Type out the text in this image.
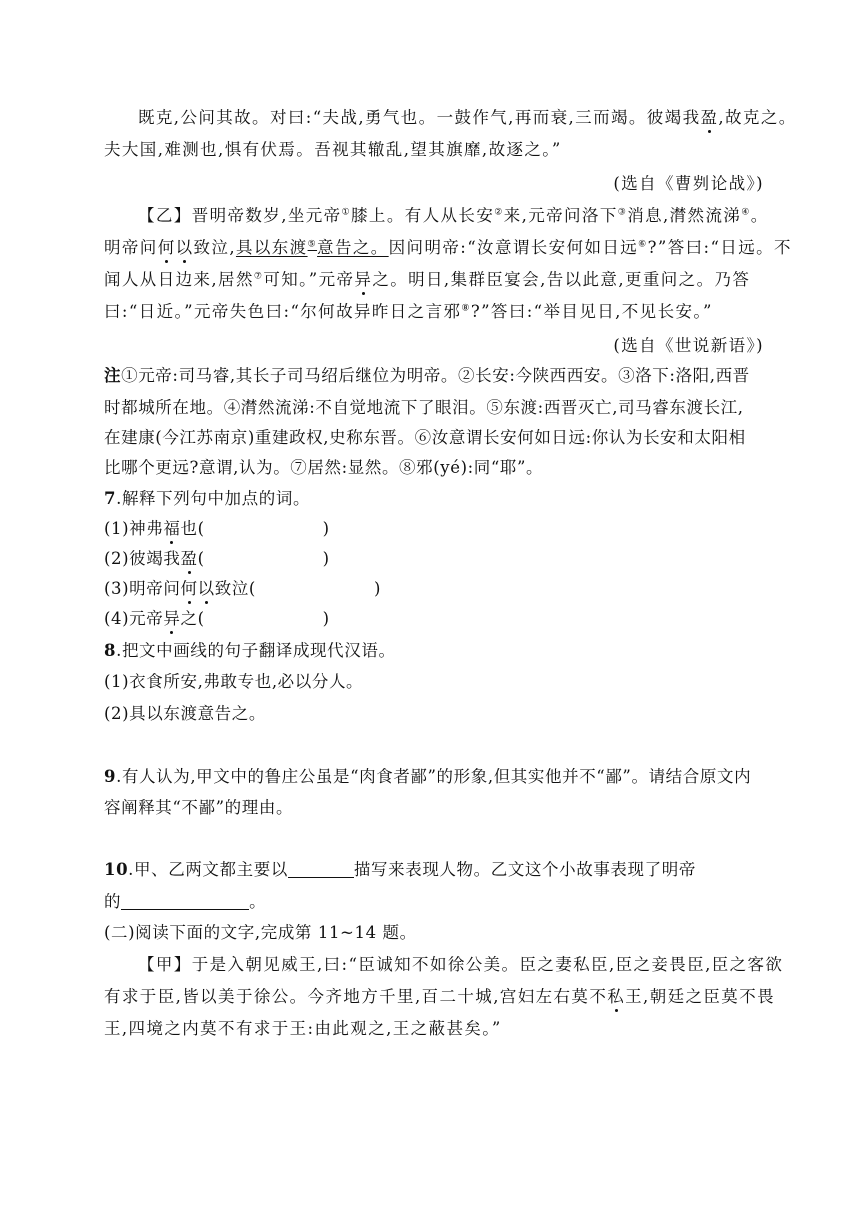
既克,公问其故。对曰:“夫战,勇气也。一鼓作气,再而衰,三而竭。彼竭我盈,故克之。
夫大国,难测也,惧有伏焉。吾视其辙乱,望其旗靡,故逐之。”
(选自《曹刿论战》)
【乙】晋明帝数岁,坐元帝①膝上。有人从长安②来,元帝问洛下③消息,潸然流涕④。
明帝问何以致泣,具以东渡⑤意告之。因问明帝:“汝意谓长安何如日远⑥?”答曰:“日远。不
闻人从日边来,居然⑦可知。”元帝异之。明日,集群臣宴会,告以此意,更重问之。乃答
曰:“日近。”元帝失色曰:“尔何故异昨日之言邪⑧?”答曰:“举目见日,不见长安。”
(选自《世说新语》)
注①元帝:司马睿,其长子司马绍后继位为明帝。②长安:今陕西西安。③洛下:洛阳,西晋
时都城所在地。④潸然流涕:不自觉地流下了眼泪。⑤东渡:西晋灭亡,司马睿东渡长江,
在建康(今江苏南京)重建政权,史称东晋。⑥汝意谓长安何如日远:你认为长安和太阳相
比哪个更远?意谓,认为。⑦居然:显然。⑧邪(yé):同“耶”。
7.解释下列句中加点的词。
(1)神弗福也(	)
(2)彼竭我盈(	)
(3)明帝问何以致泣(	)
(4)元帝异之(	)
8.把文中画线的句子翻译成现代汉语。
(1)衣食所安,弗敢专也,必以分人。
(2)具以东渡意告之。
9.有人认为,甲文中的鲁庄公虽是“肉食者鄙”的形象,但其实他并不“鄙”。请结合原文内
容阐释其“不鄙”的理由。
10.甲、乙两文都主要以	描写来表现人物。乙文这个小故事表现了明帝
的	。
(二)阅读下面的文字,完成第 11~14 题。
【甲】于是入朝见威王,曰:“臣诚知不如徐公美。臣之妻私臣,臣之妾畏臣,臣之客欲
有求于臣,皆以美于徐公。今齐地方千里,百二十城,宫妇左右莫不私王,朝廷之臣莫不畏
王,四境之内莫不有求于王:由此观之,王之蔽甚矣。”
